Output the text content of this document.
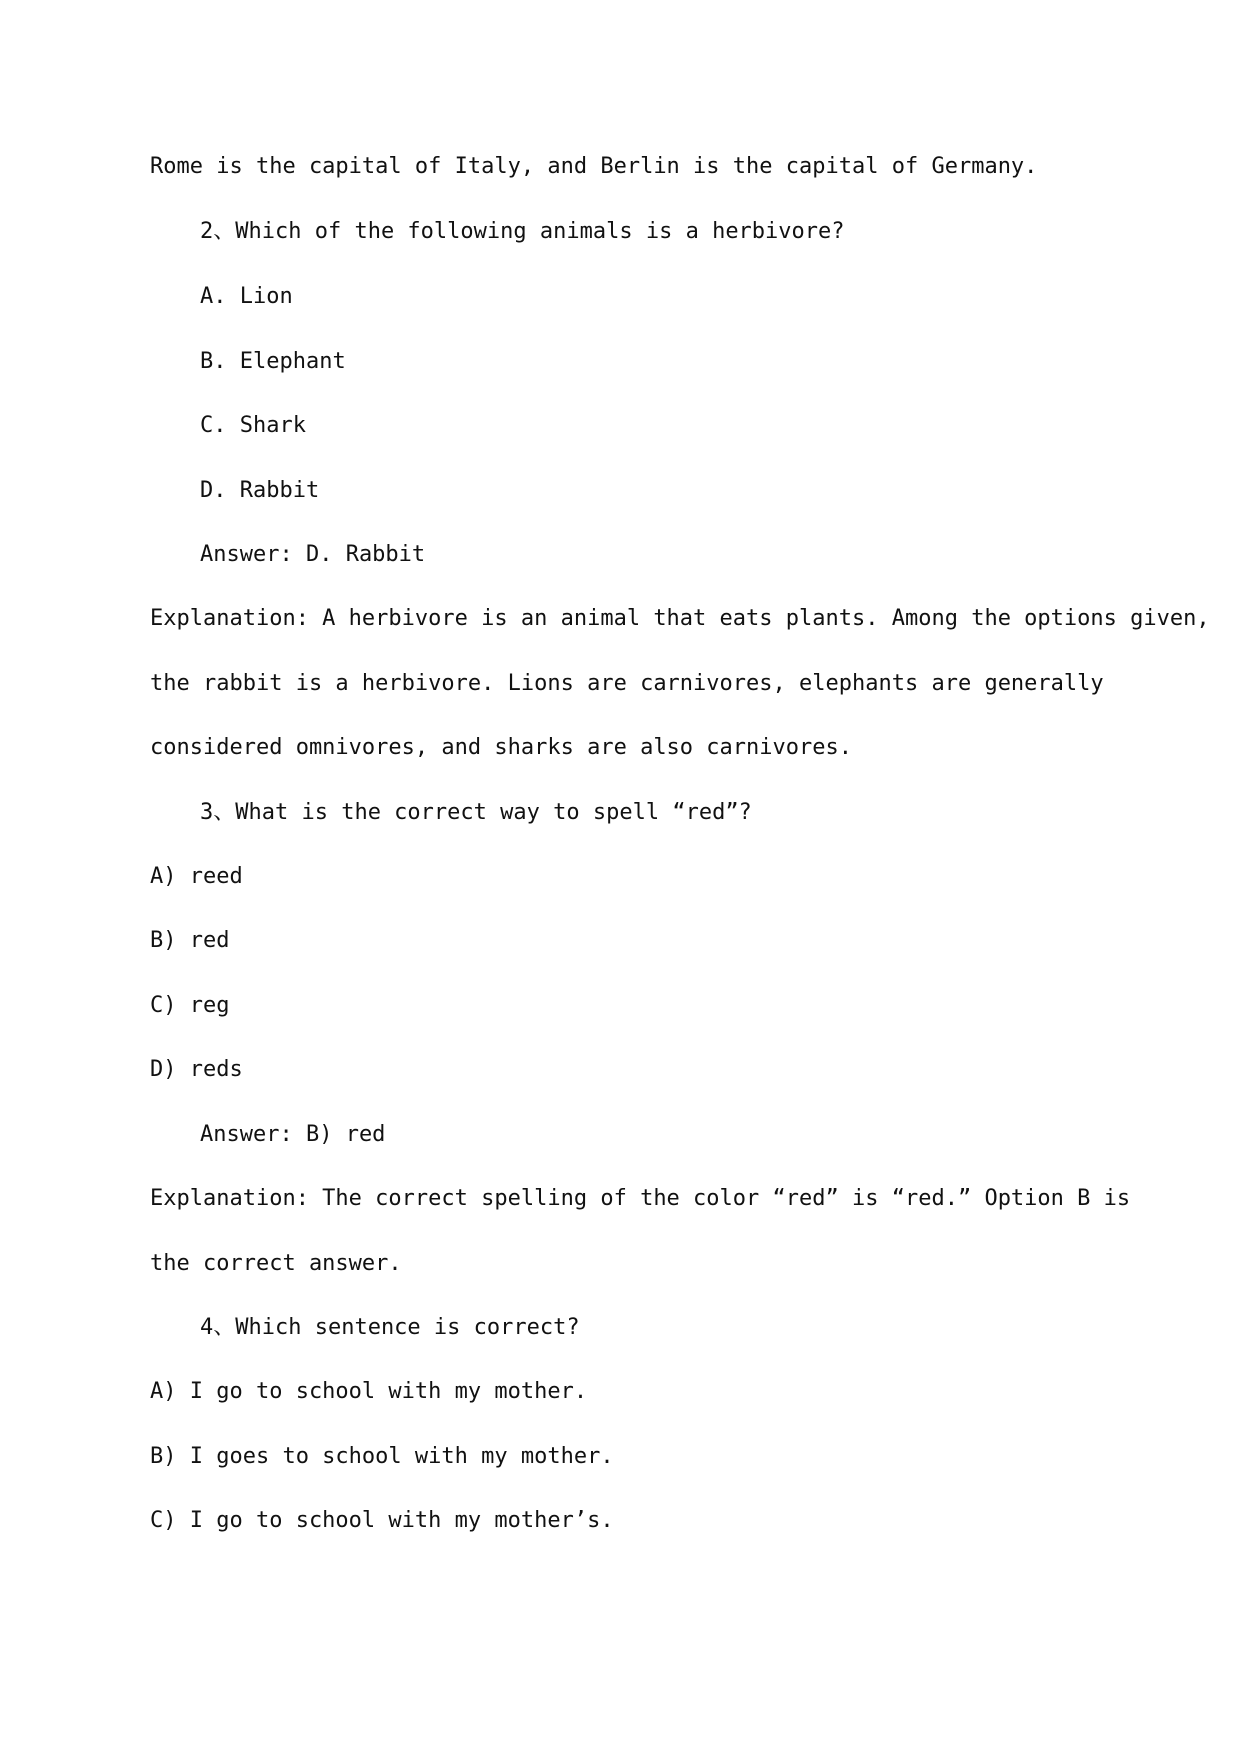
Rome is the capital of Italy, and Berlin is the capital of Germany.

2、Which of the following animals is a herbivore?

A. Lion

B. Elephant

C. Shark

D. Rabbit

Answer: D. Rabbit

Explanation: A herbivore is an animal that eats plants. Among the options given,

the rabbit is a herbivore. Lions are carnivores, elephants are generally

considered omnivores, and sharks are also carnivores.

3、What is the correct way to spell “red”?

A) reed

B) red

C) reg

D) reds

Answer: B) red

Explanation: The correct spelling of the color “red” is “red.” Option B is

the correct answer.

4、Which sentence is correct?

A) I go to school with my mother.

B) I goes to school with my mother.

C) I go to school with my mother’s.
